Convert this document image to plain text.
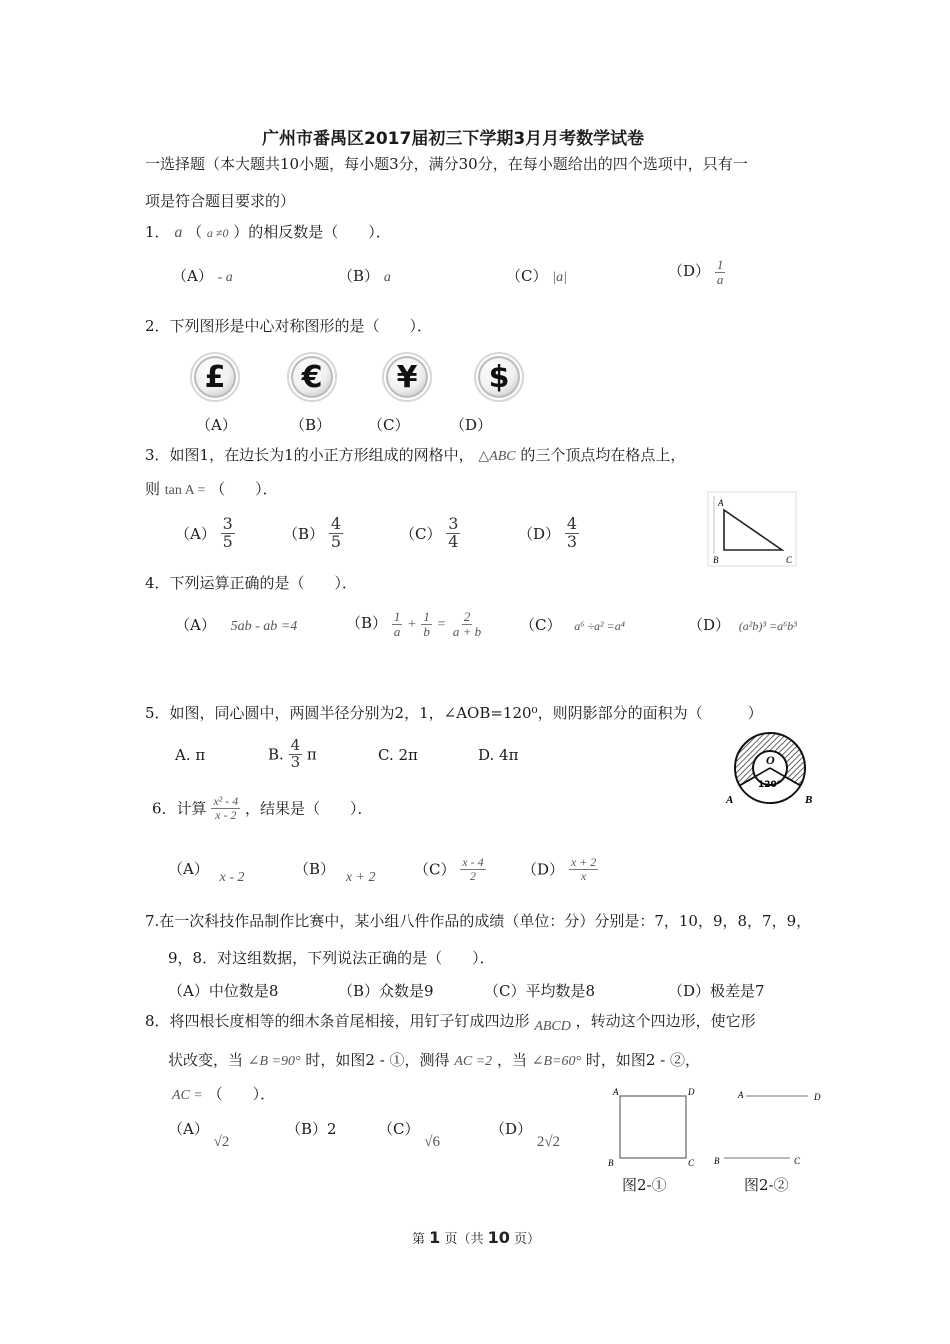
广州市番禺区2017届初三下学期3月月考数学试卷
一选择题（本大题共10小题，每小题3分，满分30分，在每小题给出的四个选项中，只有一
项是符合题目要求的）
1． a （ a ≠0 ）的相反数是（　　）．
（A） - a	（B） a	（C） |a|	$(D) \frac{1}{a}$
2．下列图形是中心对称图形的是（　　）．
£	€	¥	$
（A）	（B） （C）	（D）
3．如图1，在边长为1的小正方形组成的网格中， △ABC 的三个顶点均在格点上，
则 tan A = （　　）．
$(A) \frac{3}{5}$	$(B) \frac{4}{5}$	$(C) \frac{3}{4}$	$(D) \frac{4}{3}$
A
B	C
4．下列运算正确的是（　　）．
（A） 5ab - ab =4	$(B) \frac{1}{a} + \frac{1}{b} = \frac{2}{a + b} (C)$ a⁶ ÷a² =a⁴	（D） (a²b)³ =a⁶b³
5．如图，同心圆中，两圆半径分别为2，1，∠AOB=120⁰，则阴影部分的面积为（　　　）
A. π	B. $\frac{4}{3}$ π	C. 2π	D. 4π	O
120°
A	B
6．计算 $\frac{\text{x² - 4}}{x - 2}$ ，结果是（　　）．
（A） x - 2	（B） x + 2	$(C) \frac{x - 4}{2} (D) \frac{x + 2}{x}$
7.在一次科技作品制作比赛中，某小组八件作品的成绩（单位：分）分别是：7，10，9，8，7，9，
9，8．对这组数据，下列说法正确的是（　　）．
（A）中位数是8	（B）众数是9	（C）平均数是8	（D）极差是7
8．将四根长度相等的细木条首尾相接，用钉子钉成四边形 ABCD ，转动这个四边形，使它形
状改变，当 ∠B =90° 时，如图2 - ①，测得 AC =2 ，当 ∠B=60° 时，如图2 - ②，
AC = （　　）．
（A） √2
（B）2	（C） √6
（D） 2√2
A	D
B	C
图2-①
A	D
B	C
图2-②
第 1 页（共 10 页）
